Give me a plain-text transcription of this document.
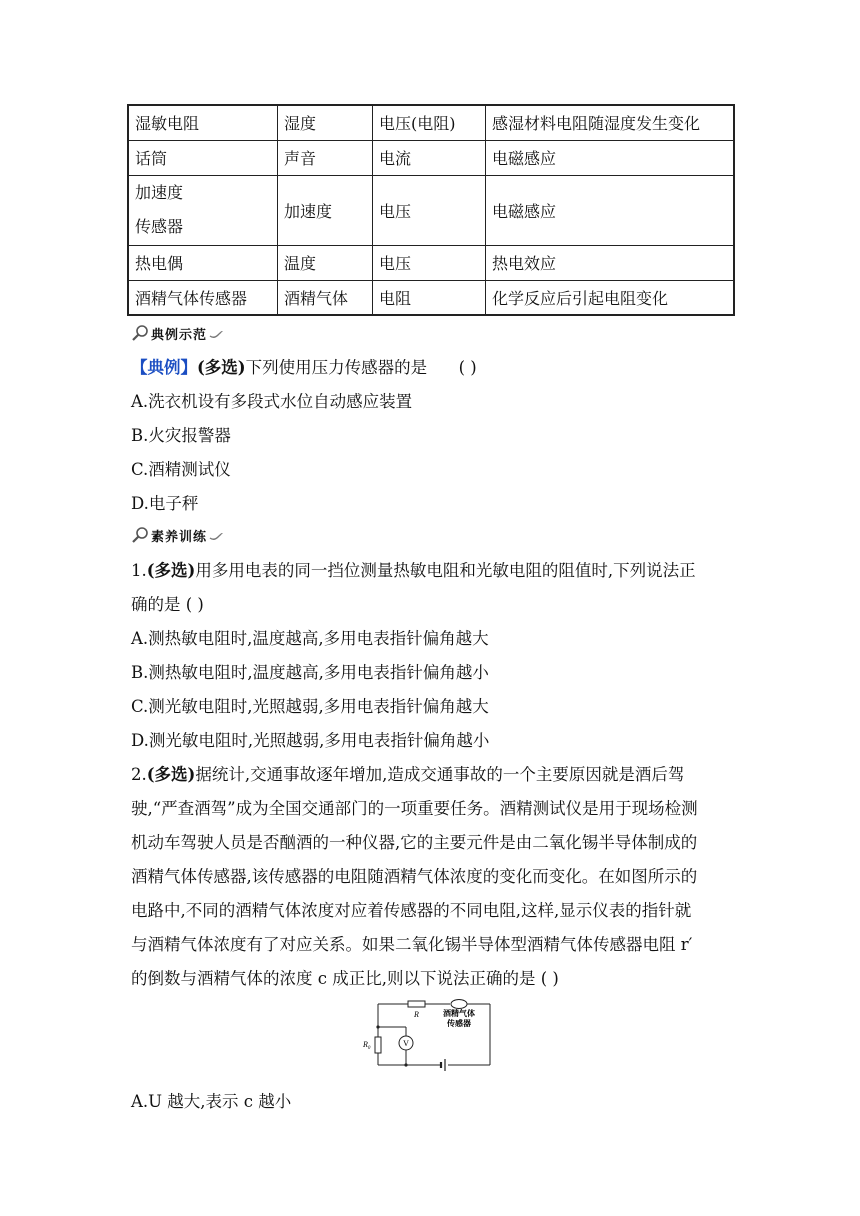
湿敏电阻	湿度	电压(电阻)	感湿材料电阻随湿度发生变化
话筒	声音	电流	电磁感应

加速度
传感器	加速度	电压	电磁感应
热电偶	温度	电压	热电效应
酒精气体传感器	酒精气体	电阻	化学反应后引起电阻变化
典例示范
【典例】(多选)下列使用压力传感器的是 ( )
A.洗衣机设有多段式水位自动感应装置
B.火灾报警器
C.酒精测试仪
D.电子秤
素养训练
1.(多选)用多用电表的同一挡位测量热敏电阻和光敏电阻的阻值时,下列说法正
确的是 ( )
A.测热敏电阻时,温度越高,多用电表指针偏角越大
B.测热敏电阻时,温度越高,多用电表指针偏角越小
C.测光敏电阻时,光照越弱,多用电表指针偏角越大
D.测光敏电阻时,光照越弱,多用电表指针偏角越小
2.(多选)据统计,交通事故逐年增加,造成交通事故的一个主要原因就是酒后驾
驶,“严查酒驾”成为全国交通部门的一项重要任务。酒精测试仪是用于现场检测
机动车驾驶人员是否酗酒的一种仪器,它的主要元件是由二氧化锡半导体制成的
酒精气体传感器,该传感器的电阻随酒精气体浓度的变化而变化。在如图所示的
电路中,不同的酒精气体浓度对应着传感器的不同电阻,这样,显示仪表的指针就
与酒精气体浓度有了对应关系。如果二氧化锡半导体型酒精气体传感器电阻 r′
的倒数与酒精气体的浓度 c 成正比,则以下说法正确的是 ( )
R	酒精气体
传感器
$R_0$
V
A.U 越大,表示 c 越小
